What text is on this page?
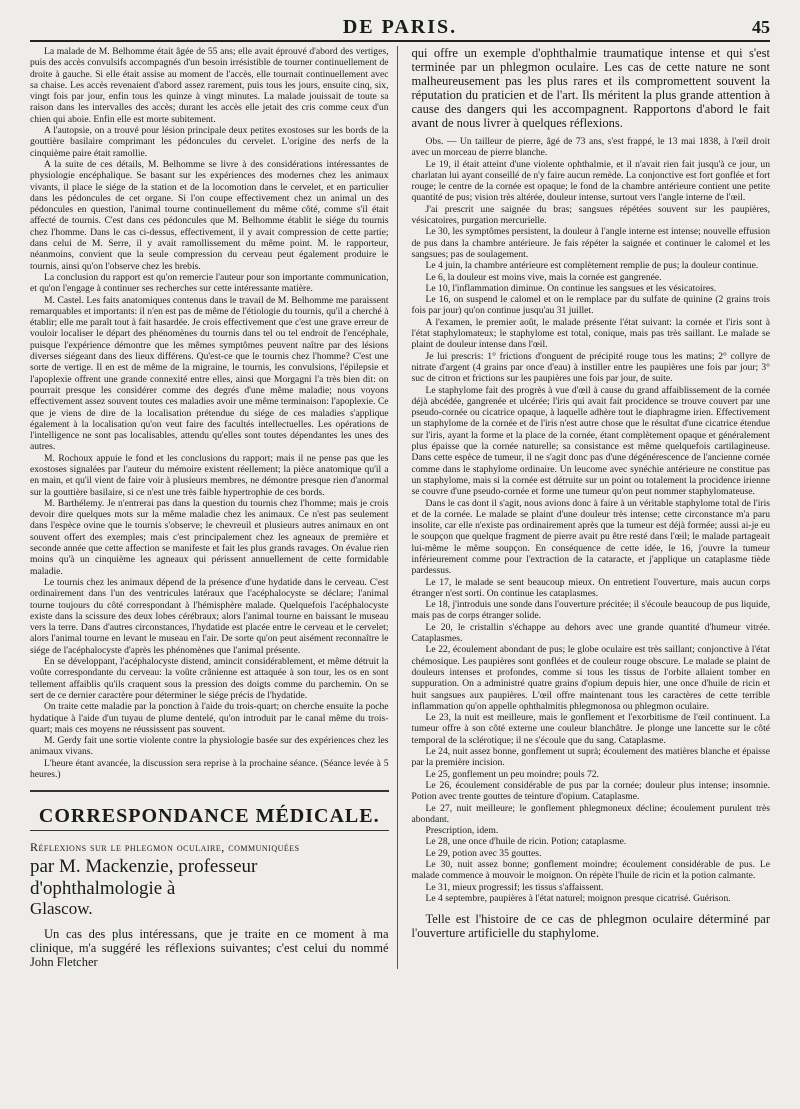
DE PARIS.	45

La malade de M. Belhomme était âgée de 55 ans; elle avait éprouvé d'abord des vertiges, puis des accès convulsifs accompagnés d'un besoin irrésistible de tourner continuellement de droite à gauche. Si elle était assise au moment de l'accès, elle tournait continuellement avec sa chaise. Les accès revenaient d'abord assez rarement, puis tous les jours, ensuite cinq, six, vingt fois par jour, enfin tous les quinze à vingt minutes. La malade jouissait de toute sa raison dans les intervalles des accès; durant les accès elle jetait des cris comme ceux d'un chien qui aboie. Enfin elle est morte subitement.

A l'autopsie, on a trouvé pour lésion principale deux petites exostoses sur les bords de la gouttière basilaire comprimant les pédoncules du cervelet. L'origine des nerfs de la cinquième paire était ramollie.

A la suite de ces détails, M. Belhomme se livre à des considérations intéressantes de physiologie encéphalique. Se basant sur les expériences des modernes chez les animaux vivants, il place le siége de la station et de la locomotion dans le cervelet, et en particulier dans les pédoncules de cet organe. Si l'on coupe effectivement chez un animal un des pédoncules en question, l'animal tourne continuellement du même côté, comme s'il était affecté de tournis. C'est dans ces pédoncules que M. Belhomme établit le siége du tournis chez l'homme. Dans le cas ci-dessus, effectivement, il y avait compression de cette partie; dans celui de M. Serre, il y avait ramollissement du même point. M. le rapporteur, néanmoins, convient que la seule compression du cerveau peut également produire le tournis, ainsi qu'on l'observe chez les brebis.

La conclusion du rapport est qu'on remercie l'auteur pour son importante communication, et qu'on l'engage à continuer ses recherches sur cette intéressante matière.

M. Castel. Les faits anatomiques contenus dans le travail de M. Belhomme me paraissent remarquables et importants: il n'en est pas de même de l'étiologie du tournis, qu'il a cherché à établir; elle me paraît tout à fait hasardée. Je crois effectivement que c'est une grave erreur de vouloir localiser le départ des phénomènes du tournis dans tel ou tel endroit de l'encéphale, puisque l'expérience démontre que les mêmes symptômes peuvent naître par des lésions diverses siégeant dans des lieux différens. Qu'est-ce que le tournis chez l'homme? C'est une sorte de vertige. Il en est de même de la migraine, le tournis, les convulsions, l'épilepsie et l'apoplexie offrent une grande connexité entre elles, ainsi que Morgagni l'a très bien dit: on pourrait presque les considérer comme des degrés d'une même maladie; nous voyons effectivement assez souvent toutes ces maladies avoir une même terminaison: l'apoplexie. Ce que je viens de dire de la localisation prétendue du siége de ces maladies s'applique également à la localisation qu'on veut faire des facultés intellectuelles. Les opérations de l'intelligence ne sont pas localisables, attendu qu'elles sont toutes dépendantes les unes des autres.

M. Rochoux appuie le fond et les conclusions du rapport; mais il ne pense pas que les exostoses signalées par l'auteur du mémoire existent réellement; la pièce anatomique qu'il a en main, et qu'il vient de faire voir à plusieurs membres, ne démontre presque rien d'anormal sur la gouttière basilaire, si ce n'est une très faible hypertrophie de ces bords.

M. Barthélemy. Je n'entrerai pas dans la question du tournis chez l'homme; mais je crois devoir dire quelques mots sur la même maladie chez les animaux. Ce n'est pas seulement dans l'espèce ovine que le tournis s'observe; le chevreuil et plusieurs autres animaux en ont souvent offert des exemples; mais c'est principalement chez les agneaux de première et seconde année que cette affection se manifeste et fait les plus grands ravages. On évalue rien moins qu'à un cinquième les agneaux qui périssent annuellement de cette formidable maladie.

Le tournis chez les animaux dépend de la présence d'une hydatide dans le cerveau. C'est ordinairement dans l'un des ventricules latéraux que l'acéphalocyste se déclare; l'animal tourne toujours du côté correspondant à l'hémisphère malade. Quelquefois l'acéphalocyste existe dans la scissure des deux lobes cérébraux; alors l'animal tourne en baissant le museau vers la terre. Dans d'autres circonstances, l'hydatide est placée entre le cerveau et le cervelet; alors l'animal tourne en levant le museau en l'air. De sorte qu'on peut aisément reconnaître le siége de l'acéphalocyste d'après les phénomènes que l'animal présente.

En se développant, l'acéphalocyste distend, amincit considérablement, et même détruit la voûte correspondante du cerveau: la voûte crânienne est attaquée à son tour, les os en sont tellement affaiblis qu'ils craquent sous la pression des doigts comme du parchemin. On se sert de ce dernier caractère pour déterminer le siége précis de l'hydatide.

On traite cette maladie par la ponction à l'aide du trois-quart; on cherche ensuite la poche hydatique à l'aide d'un tuyau de plume dentelé, qu'on introduit par le canal même du trois-quart; mais ces moyens ne réussissent pas souvent.

M. Gerdy fait une sortie violente contre la physiologie basée sur des expériences chez les animaux vivans.

L'heure étant avancée, la discussion sera reprise à la prochaine séance. (Séance levée à 5 heures.)

CORRESPONDANCE MÉDICALE.
Réflexions sur le phlegmon oculaire, communiquées
par M. Mackenzie, professeur d'ophthalmologie à
Glascow.

Un cas des plus intéressans, que je traite en ce moment à ma clinique, m'a suggéré les réflexions suivantes; c'est celui du nommé John Fletcher

qui offre un exemple d'ophthalmie traumatique intense et qui s'est terminée par un phlegmon oculaire. Les cas de cette nature ne sont malheureusement pas les plus rares et ils compromettent souvent la réputation du praticien et de l'art. Ils méritent la plus grande attention à cause des dangers qui les accompagnent. Rapportons d'abord le fait avant de nous livrer à quelques réflexions.

Obs. — Un tailleur de pierre, âgé de 73 ans, s'est frappé, le 13 mai 1838, à l'œil droit avec un morceau de pierre blanche.

Le 19, il était atteint d'une violente ophthalmie, et il n'avait rien fait jusqu'à ce jour, un charlatan lui ayant conseillé de n'y faire aucun remède. La conjonctive est fort gonflée et fort rouge; le centre de la cornée est opaque; le fond de la chambre antérieure contient une petite quantité de pus; vision très altérée, douleur intense, surtout vers l'angle interne de l'œil.

J'ai prescrit une saignée du bras; sangsues répétées souvent sur les paupières, vésicatoires, purgation mercurielle.

Le 30, les symptômes persistent, la douleur à l'angle interne est intense; nouvelle effusion de pus dans la chambre antérieure. Je fais répéter la saignée et continuer le calomel et les sangsues; pas de soulagement.

Le 4 juin, la chambre antérieure est complètement remplie de pus; la douleur continue.

Le 6, la douleur est moins vive, mais la cornée est gangrenée.

Le 10, l'inflammation diminue. On continue les sangsues et les vésicatoires.

Le 16, on suspend le calomel et on le remplace par du sulfate de quinine (2 grains trois fois par jour) qu'on continue jusqu'au 31 juillet.

A l'examen, le premier août, le malade présente l'état suivant: la cornée et l'iris sont à l'état staphylomateux; le staphylome est total, conique, mais pas très saillant. Le malade se plaint de douleur intense dans l'œil.

Je lui prescris: 1° frictions d'onguent de précipité rouge tous les matins; 2° collyre de nitrate d'argent (4 grains par once d'eau) à instiller entre les paupières une fois par jour; 3° suc de citron et frictions sur les paupières une fois par jour, de suite.

Le staphylome fait des progrès à vue d'œil à cause du grand affaiblissement de la cornée déjà abcédée, gangrenée et ulcérée; l'iris qui avait fait procidence se trouve couvert par une pseudo-cornée ou cicatrice opaque, à laquelle adhère tout le diaphragme irien. Effectivement un staphylome de la cornée et de l'iris n'est autre chose que le résultat d'une cicatrice étendue sur l'iris, ayant la forme et la place de la cornée, étant complètement opaque et généralement plus épaisse que la cornée naturelle; sa consistance est même quelquefois cartilagineuse. Dans cette espèce de tumeur, il ne s'agit donc pas d'une dégénérescence de l'ancienne cornée comme dans le staphylome ordinaire. Un leucome avec synéchie antérieure ne constitue pas un staphylome, mais si la cornée est détruite sur un point ou totalement la procidence irienne se couvre d'une pseudo-cornée et forme une tumeur qu'on peut nommer staphylomateuse.

Dans le cas dont il s'agit, nous avions donc à faire à un véritable staphylome total de l'iris et de la cornée. Le malade se plaint d'une douleur très intense; cette circonstance m'a paru insolite, car elle n'existe pas ordinairement après que la tumeur est déjà formée; aussi ai-je eu le soupçon que quelque fragment de pierre avait pu être resté dans l'œil; le malade partageait lui-même le même soupçon. En conséquence de cette idée, le 16, j'ouvre la tumeur inférieurement comme pour l'extraction de la cataracte, et j'applique un cataplasme tiède pardessus.

Le 17, le malade se sent beaucoup mieux. On entretient l'ouverture, mais aucun corps étranger n'est sorti. On continue les cataplasmes.

Le 18, j'introduis une sonde dans l'ouverture précitée; il s'écoule beaucoup de pus liquide, mais pas de corps étranger solide.

Le 20, le cristallin s'échappe au dehors avec une grande quantité d'humeur vitrée. Cataplasmes.

Le 22, écoulement abondant de pus; le globe oculaire est très saillant; conjonctive à l'état chémosique. Les paupières sont gonflées et de couleur rouge obscure. Le malade se plaint de douleurs intenses et profondes, comme si tous les tissus de l'orbite allaient tomber en suppuration. On a administré quatre grains d'opium depuis hier, une once d'huile de ricin et huit sangsues aux paupières. L'œil offre maintenant tous les caractères de cette terrible inflammation qu'on appelle ophthalmitis phlegmonosa ou phlegmon oculaire.

Le 23, la nuit est meilleure, mais le gonflement et l'exorbitisme de l'œil continuent. La tumeur offre à son côté externe une couleur blanchâtre. Je plonge une lancette sur le côté temporal de la sclérotique; il ne s'écoule que du sang. Cataplasme.

Le 24, nuit assez bonne, gonflement ut suprà; écoulement des matières blanche et épaisse par la première incision.

Le 25, gonflement un peu moindre; pouls 72.

Le 26, écoulement considérable de pus par la cornée; douleur plus intense; insomnie. Potion avec trente gouttes de teinture d'opium. Cataplasme.

Le 27, nuit meilleure; le gonflement phlegmoneux décline; écoulement purulent très abondant.

Prescription, idem.

Le 28, une once d'huile de ricin. Potion; cataplasme.

Le 29, potion avec 35 gouttes.

Le 30, nuit assez bonne; gonflement moindre; écoulement considérable de pus. Le malade commence à mouvoir le moignon. On répète l'huile de ricin et la potion calmante.

Le 31, mieux progressif; les tissus s'affaissent.

Le 4 septembre, paupières à l'état naturel; moignon presque cicatrisé. Guérison.

Telle est l'histoire de ce cas de phlegmon oculaire déterminé par l'ouverture artificielle du staphylome.
